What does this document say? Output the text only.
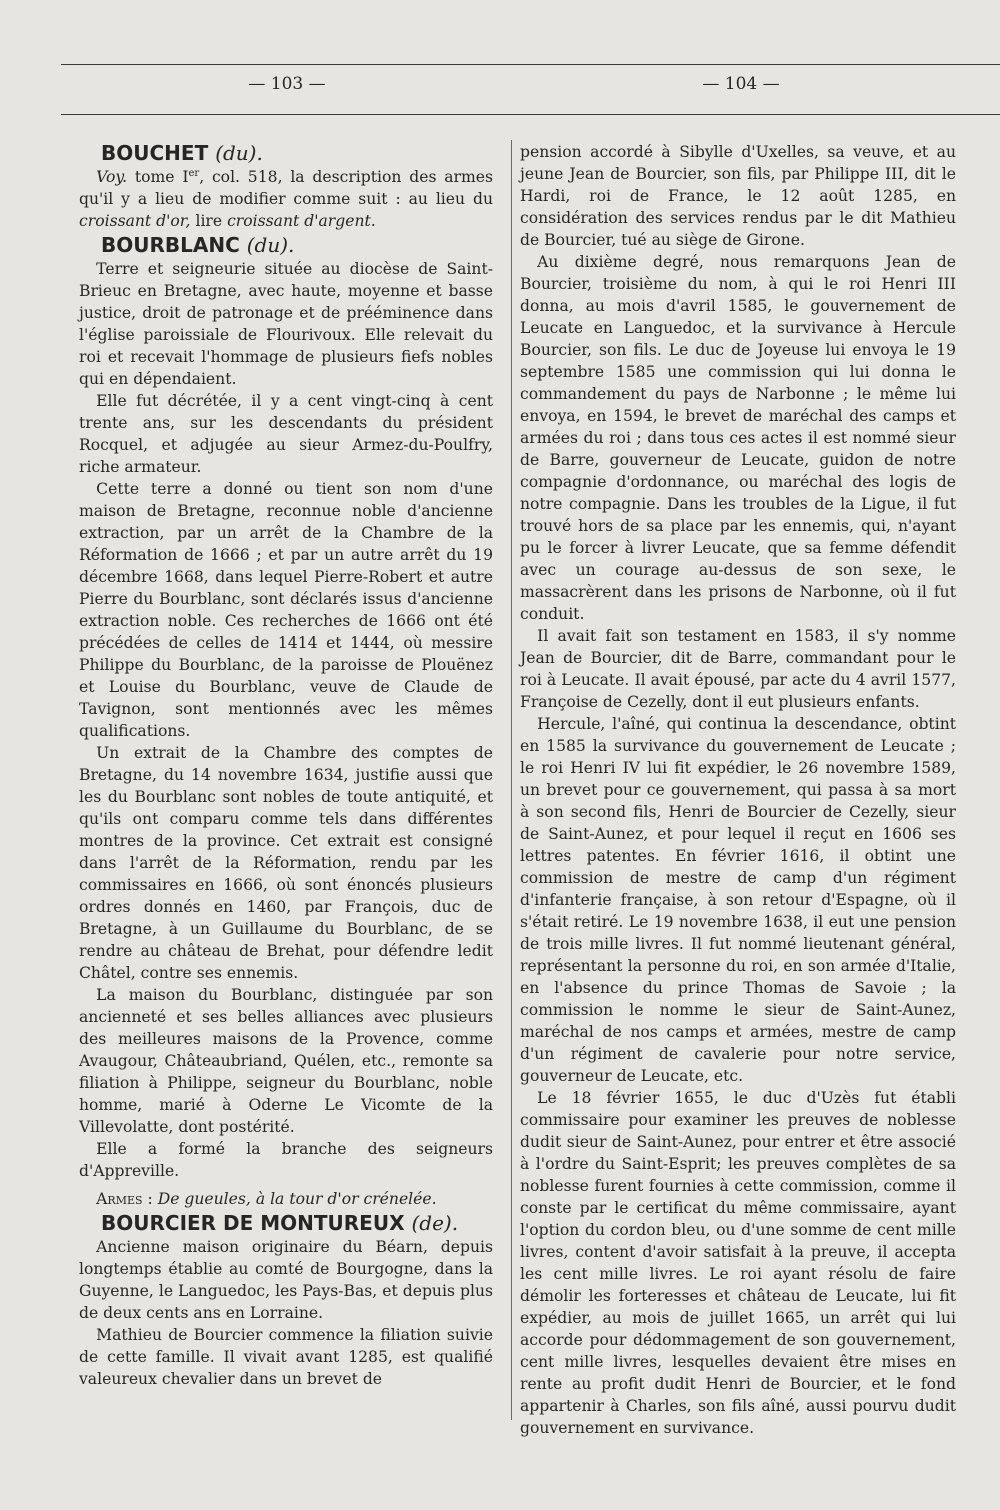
— 103 —	— 104 —

BOUCHET (du).

Voy. tome Ier, col. 518, la description des armes qu'il y a lieu de modifier comme suit : au lieu du croissant d'or, lire croissant d'argent.

BOURBLANC (du).

Terre et seigneurie située au diocèse de Saint-Brieuc en Bretagne, avec haute, moyenne et basse justice, droit de patronage et de prééminence dans l'église paroissiale de Flourivoux. Elle relevait du roi et recevait l'hommage de plusieurs fiefs nobles qui en dépendaient.

Elle fut décrétée, il y a cent vingt-cinq à cent trente ans, sur les descendants du président Rocquel, et adjugée au sieur Armez-du-Poulfry, riche armateur.

Cette terre a donné ou tient son nom d'une maison de Bretagne, reconnue noble d'ancienne extraction, par un arrêt de la Chambre de la Réformation de 1666 ; et par un autre arrêt du 19 décembre 1668, dans lequel Pierre-Robert et autre Pierre du Bourblanc, sont déclarés issus d'ancienne extraction noble. Ces recherches de 1666 ont été précédées de celles de 1414 et 1444, où messire Philippe du Bourblanc, de la paroisse de Plouënez et Louise du Bourblanc, veuve de Claude de Tavignon, sont mentionnés avec les mêmes qualifications.

Un extrait de la Chambre des comptes de Bretagne, du 14 novembre 1634, justifie aussi que les du Bourblanc sont nobles de toute antiquité, et qu'ils ont comparu comme tels dans différentes montres de la province. Cet extrait est consigné dans l'arrêt de la Réformation, rendu par les commissaires en 1666, où sont énoncés plusieurs ordres donnés en 1460, par François, duc de Bretagne, à un Guillaume du Bourblanc, de se rendre au château de Brehat, pour défendre ledit Châtel, contre ses ennemis.

La maison du Bourblanc, distinguée par son ancienneté et ses belles alliances avec plusieurs des meilleures maisons de la Provence, comme Avaugour, Châteaubriand, Quélen, etc., remonte sa filiation à Philippe, seigneur du Bourblanc, noble homme, marié à Oderne Le Vicomte de la Villevolatte, dont postérité.

Elle a formé la branche des seigneurs d'Appreville.

Armes : De gueules, à la tour d'or crénelée.

BOURCIER DE MONTUREUX (de).

Ancienne maison originaire du Béarn, depuis longtemps établie au comté de Bourgogne, dans la Guyenne, le Languedoc, les Pays-Bas, et depuis plus de deux cents ans en Lorraine.

Mathieu de Bourcier commence la filiation suivie de cette famille. Il vivait avant 1285, est qualifié valeureux chevalier dans un brevet de

pension accordé à Sibylle d'Uxelles, sa veuve, et au jeune Jean de Bourcier, son fils, par Philippe III, dit le Hardi, roi de France, le 12 août 1285, en considération des services rendus par le dit Mathieu de Bourcier, tué au siège de Girone.

Au dixième degré, nous remarquons Jean de Bourcier, troisième du nom, à qui le roi Henri III donna, au mois d'avril 1585, le gouvernement de Leucate en Languedoc, et la survivance à Hercule Bourcier, son fils. Le duc de Joyeuse lui envoya le 19 septembre 1585 une commission qui lui donna le commandement du pays de Narbonne ; le même lui envoya, en 1594, le brevet de maréchal des camps et armées du roi ; dans tous ces actes il est nommé sieur de Barre, gouverneur de Leucate, guidon de notre compagnie d'ordonnance, ou maréchal des logis de notre compagnie. Dans les troubles de la Ligue, il fut trouvé hors de sa place par les ennemis, qui, n'ayant pu le forcer à livrer Leucate, que sa femme défendit avec un courage au-dessus de son sexe, le massacrèrent dans les prisons de Narbonne, où il fut conduit.

Il avait fait son testament en 1583, il s'y nomme Jean de Bourcier, dit de Barre, commandant pour le roi à Leucate. Il avait épousé, par acte du 4 avril 1577, Françoise de Cezelly, dont il eut plusieurs enfants.

Hercule, l'aîné, qui continua la descendance, obtint en 1585 la survivance du gouvernement de Leucate ; le roi Henri IV lui fit expédier, le 26 novembre 1589, un brevet pour ce gouvernement, qui passa à sa mort à son second fils, Henri de Bourcier de Cezelly, sieur de Saint-Aunez, et pour lequel il reçut en 1606 ses lettres patentes. En février 1616, il obtint une commission de mestre de camp d'un régiment d'infanterie française, à son retour d'Espagne, où il s'était retiré. Le 19 novembre 1638, il eut une pension de trois mille livres. Il fut nommé lieutenant général, représentant la personne du roi, en son armée d'Italie, en l'absence du prince Thomas de Savoie ; la commission le nomme le sieur de Saint-Aunez, maréchal de nos camps et armées, mestre de camp d'un régiment de cavalerie pour notre service, gouverneur de Leucate, etc.

Le 18 février 1655, le duc d'Uzès fut établi commissaire pour examiner les preuves de noblesse dudit sieur de Saint-Aunez, pour entrer et être associé à l'ordre du Saint-Esprit; les preuves complètes de sa noblesse furent fournies à cette commission, comme il conste par le certificat du même commissaire, ayant l'option du cordon bleu, ou d'une somme de cent mille livres, content d'avoir satisfait à la preuve, il accepta les cent mille livres. Le roi ayant résolu de faire démolir les forteresses et château de Leucate, lui fit expédier, au mois de juillet 1665, un arrêt qui lui accorde pour dédommagement de son gouvernement, cent mille livres, lesquelles devaient être mises en rente au profit dudit Henri de Bourcier, et le fond appartenir à Charles, son fils aîné, aussi pourvu dudit gouvernement en survivance.
